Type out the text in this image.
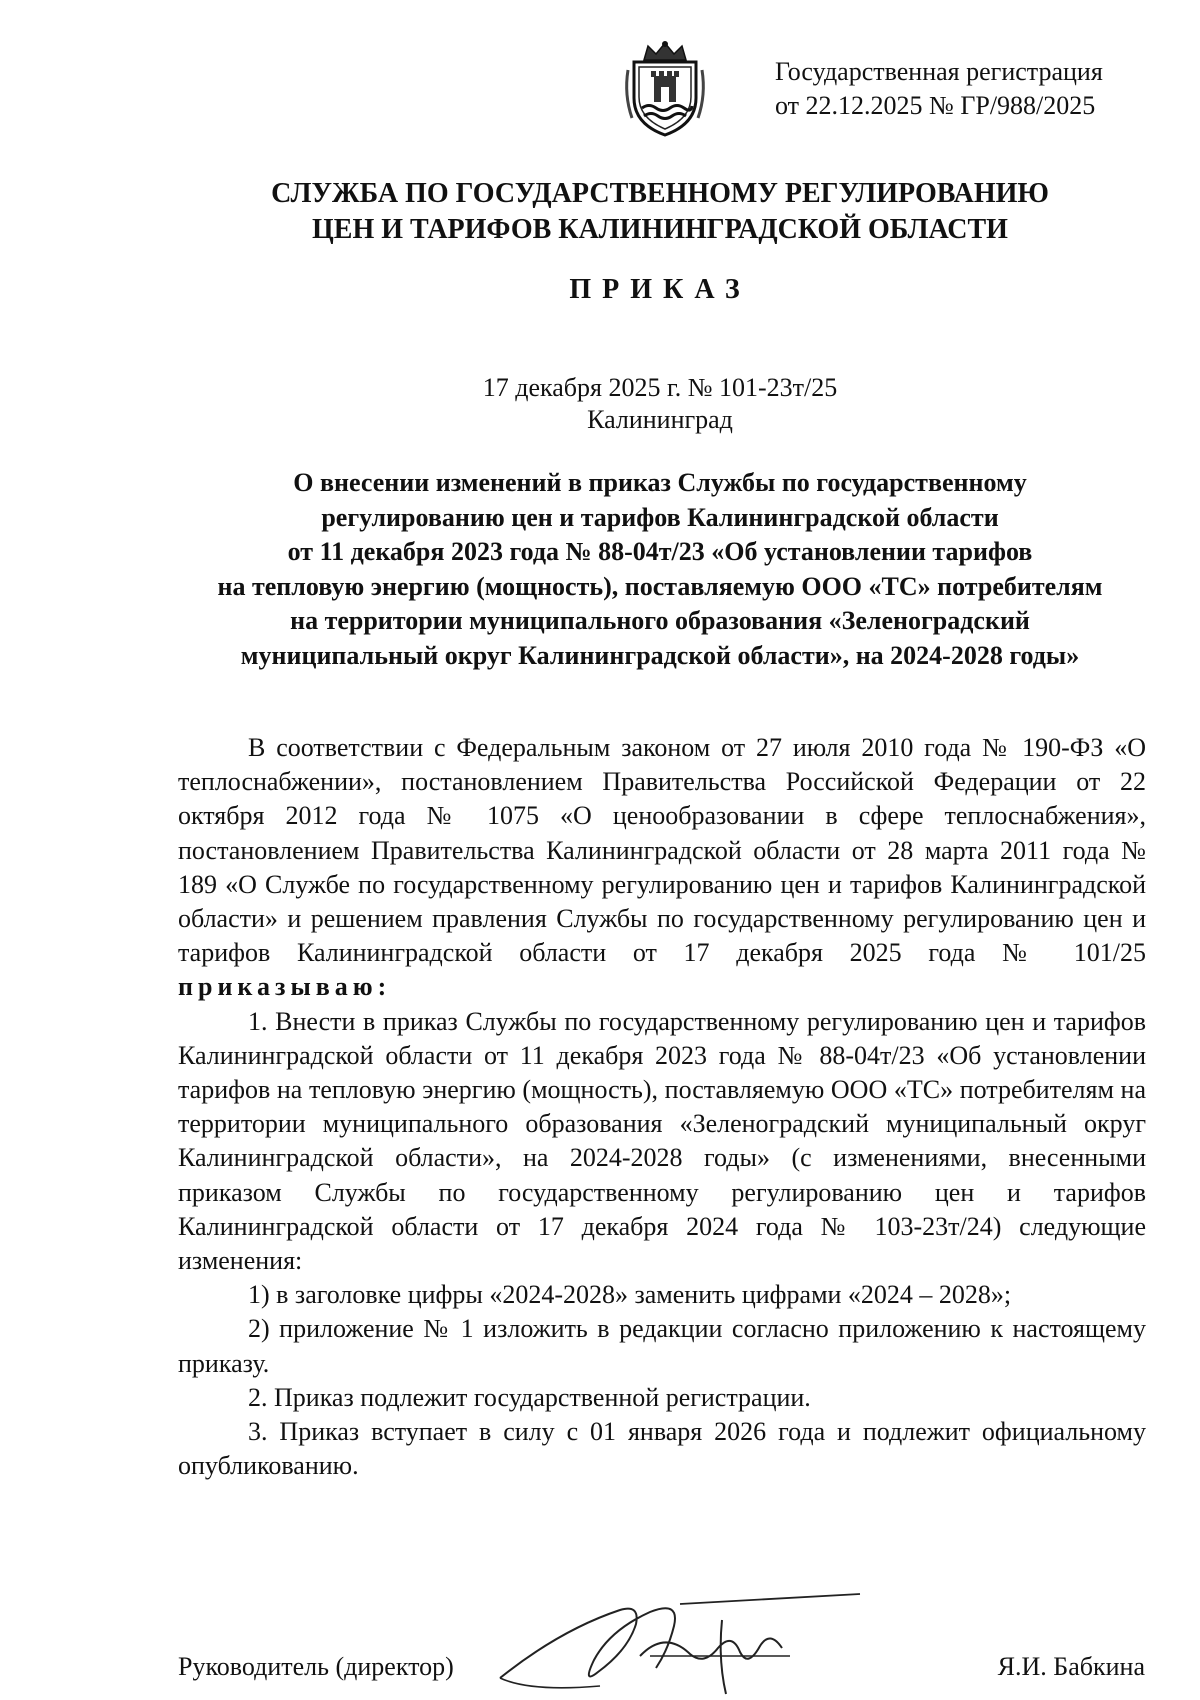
Государственная регистрация
от 22.12.2025 № ГР/988/2025
СЛУЖБА ПО ГОСУДАРСТВЕННОМУ РЕГУЛИРОВАНИЮ
ЦЕН И ТАРИФОВ КАЛИНИНГРАДСКОЙ ОБЛАСТИ
ПРИКАЗ
17 декабря 2025 г. № 101-23т/25
Калининград
О внесении изменений в приказ Службы по государственному
регулированию цен и тарифов Калининградской области
от 11 декабря 2023 года № 88-04т/23 «Об установлении тарифов
на тепловую энергию (мощность), поставляемую ООО «ТС» потребителям
на территории муниципального образования «Зеленоградский
муниципальный округ Калининградской области», на 2024-2028 годы»

В соответствии с Федеральным законом от 27 июля 2010 года № 190-ФЗ «О теплоснабжении», постановлением Правительства Российской Федерации от 22 октября 2012 года № 1075 «О ценообразовании в сфере теплоснабжения», постановлением Правительства Калининградской области от 28 марта 2011 года № 189 «О Службе по государственному регулированию цен и тарифов Калининградской области» и решением правления Службы по государственному регулированию цен и тарифов Калининградской области от 17 декабря 2025 года № 101/25 приказываю:

1. Внести в приказ Службы по государственному регулированию цен и тарифов Калининградской области от 11 декабря 2023 года № 88-04т/23 «Об установлении тарифов на тепловую энергию (мощность), поставляемую ООО «ТС» потребителям на территории муниципального образования «Зеленоградский муниципальный округ Калининградской области», на 2024-2028 годы» (с изменениями, внесенными приказом Службы по государственному регулированию цен и тарифов Калининградской области от 17 декабря 2024 года № 103-23т/24) следующие изменения:

1) в заголовке цифры «2024-2028» заменить цифрами «2024 – 2028»;

2) приложение № 1 изложить в редакции согласно приложению к настоящему приказу.

2. Приказ подлежит государственной регистрации.

3. Приказ вступает в силу с 01 января 2026 года и подлежит официальному опубликованию.

Руководитель (директор)	Я.И. Бабкина
